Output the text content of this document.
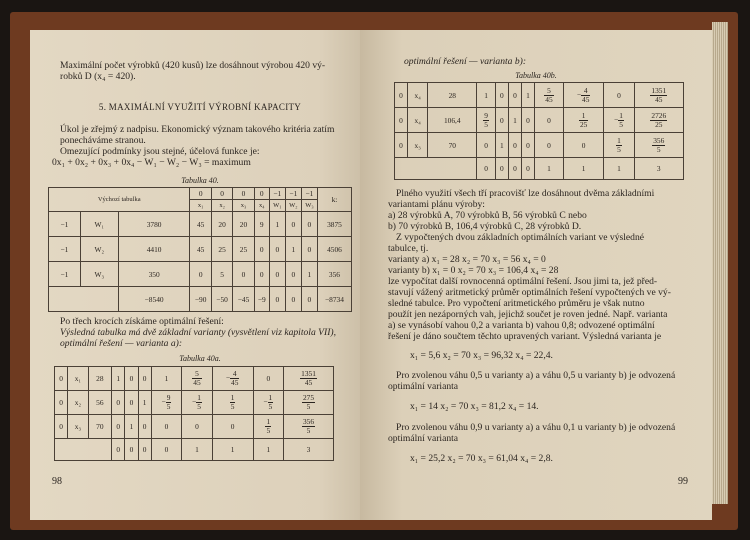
Maximální počet výrobků (420 kusů) lze dosáhnout výrobou 420 vý-
robků D (x₄ = 420).
5. MAXIMÁLNÍ VYUŽITÍ VÝROBNÍ KAPACITY
Úkol je zřejmý z nadpisu. Ekonomický význam takového kritéria zatím
ponecháváme stranou.
Omezující podmínky jsou stejné, účelová funkce je:
0x₁ + 0x₂ + 0x₃ + 0x₄ − W₁ − W₂ − W₃ = maximum
Tabulka 40.
Výchozí tabulka			0	0	0	0	−1	−1	−1	k:
			x₁	x₂	x₃	x₄	W₁	W₂	W₃	
−1	W₁	3780	45	20	20	9	1	0	0	3875
−1	W₂	4410	45	25	25	0	0	1	0	4506
−1	W₃	350	0	5	0	0	0	0	1	356
		−8540	−90	−50	−45	−9	0	0	0	−8734
Po třech krocích získáme optimální řešení:
Výsledná tabulka má dvě základní varianty (vysvětlení viz kapitola VII),
optimální řešení — varianta a):
Tabulka 40a.
0	x₁	28	1	0	0	1	$\frac{5}{45}$	− $\frac{4}{45}$	0	$\frac{1351}{45}$

0	x₂	56	0	0	1	− $\frac{9}{5}$	− $\frac{1}{5}$	$\frac{1}{5}$	− $\frac{1}{5}$	$\frac{275}{5}$

0	x₃	70	0	1	0	0	0	0	$\frac{1}{5}$	$\frac{356}{5}$

			0	0	0	0	1	1	1	3
98
optimální řešení — varianta b):
Tabulka 40b.
0	x₄	28	1	0	0	1	$\frac{5}{45}$	− $\frac{4}{45}$	0	$\frac{1351}{45}$

0	x₄	106,4	$\frac{9}{5}$	0	1	0	0	$\frac{1}{25}$	− $\frac{1}{5}$	$\frac{2726}{25}$

0	x₃	70	0	1	0	0	0	0	$\frac{1}{5}$	$\frac{356}{5}$

			0	0	0	0	1	1	1	3
Plného využití všech tří pracovišť lze dosáhnout dvěma základními
variantami plánu výroby:
a) 28 výrobků A, 70 výrobků B, 56 výrobků C nebo
b) 70 výrobků B, 106,4 výrobků C, 28 výrobků D.
Z vypočtených dvou základních optimálních variant ve výsledné
tabulce, tj.
varianty a) x₁ = 28 x₂ = 70 x₃ = 56 x₄ = 0
varianty b) x₁ = 0 x₂ = 70 x₃ = 106,4 x₄ = 28
lze vypočítat další rovnocenná optimální řešení. Jsou jimi ta, jež před-
stavují vážený aritmetický průměr optimálních řešení vypočtených ve vý-
sledné tabulce. Pro vypočtení aritmetického průměru je však nutno
použít jen nezáporných vah, jejichž součet je roven jedné. Např. varianta
a) se vynásobí vahou 0,2 a varianta b) vahou 0,8; odvozené optimální
řešení je dáno součtem těchto upravených variant. Výsledná varianta je
x₁ = 5,6 x₂ = 70 x₃ = 96,32 x₄ = 22,4.
Pro zvolenou váhu 0,5 u varianty a) a váhu 0,5 u varianty b) je odvozená
optimální varianta
x₁ = 14 x₂ = 70 x₃ = 81,2 x₄ = 14.
Pro zvolenou váhu 0,9 u varianty a) a váhu 0,1 u varianty b) je odvozená
optimální varianta
x₁ = 25,2 x₂ = 70 x₃ = 61,04 x₄ = 2,8.
99
